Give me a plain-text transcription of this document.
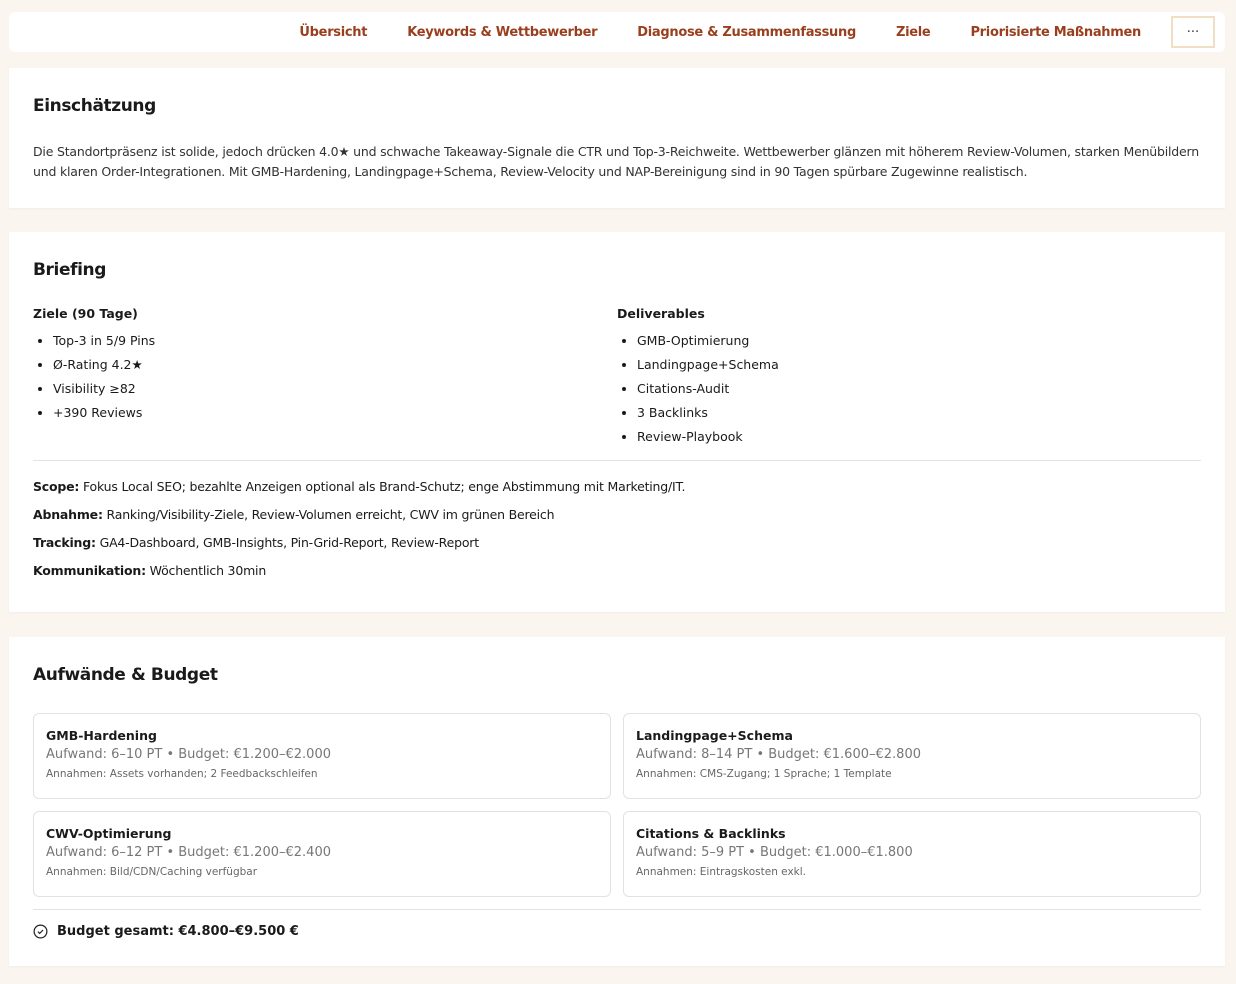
Übersicht	Keywords & Wettbewerber	Diagnose & Zusammenfassung	Ziele	Priorisierte Maßnahmen	···
Einschätzung

Die Standortpräsenz ist solide, jedoch drücken 4.0★ und schwache Takeaway-Signale die CTR und Top-3-Reichweite. Wettbewerber glänzen mit höherem Review-Volumen, starken Menübildern und klaren Order-Integrationen. Mit GMB-Hardening, Landingpage+Schema, Review-Velocity und NAP-Bereinigung sind in 90 Tagen spürbare Zugewinne realistisch.

Briefing
Ziele (90 Tage)
• Top-3 in 5/9 Pins
• Ø-Rating 4.2★
• Visibility ≥82
• +390 Reviews
Deliverables
• GMB-Optimierung
• Landingpage+Schema
• Citations-Audit
• 3 Backlinks
• Review-Playbook
Scope: Fokus Local SEO; bezahlte Anzeigen optional als Brand-Schutz; enge Abstimmung mit Marketing/IT.
Abnahme: Ranking/Visibility-Ziele, Review-Volumen erreicht, CWV im grünen Bereich
Tracking: GA4-Dashboard, GMB-Insights, Pin-Grid-Report, Review-Report
Kommunikation: Wöchentlich 30min
Aufwände & Budget
GMB-Hardening
Aufwand: 6–10 PT • Budget: €1.200–€2.000
Annahmen: Assets vorhanden; 2 Feedbackschleifen
Landingpage+Schema
Aufwand: 8–14 PT • Budget: €1.600–€2.800
Annahmen: CMS-Zugang; 1 Sprache; 1 Template
CWV-Optimierung
Aufwand: 6–12 PT • Budget: €1.200–€2.400
Annahmen: Bild/CDN/Caching verfügbar
Citations & Backlinks
Aufwand: 5–9 PT • Budget: €1.000–€1.800
Annahmen: Eintragskosten exkl.
Budget gesamt: €4.800–€9.500 €
